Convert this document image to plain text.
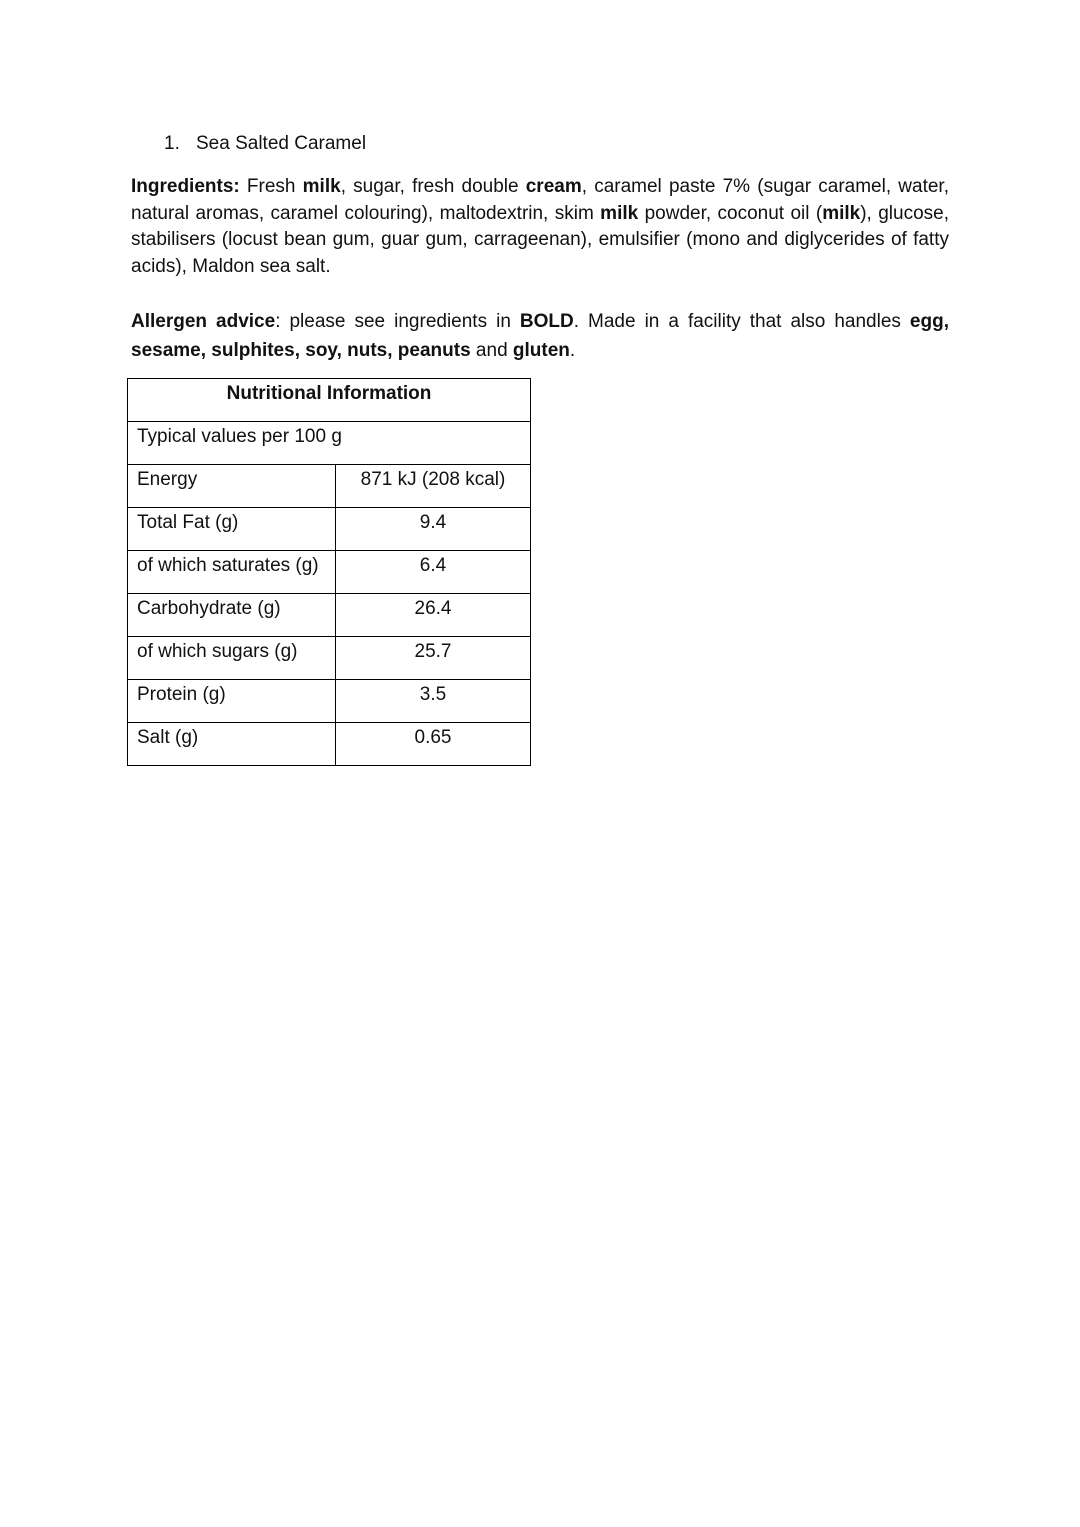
1. Sea Salted Caramel
Ingredients: Fresh milk, sugar, fresh double cream, caramel paste 7% (sugar caramel, water, natural aromas, caramel colouring), maltodextrin, skim milk powder, coconut oil (milk), glucose, stabilisers (locust bean gum, guar gum, carrageenan), emulsifier (mono and diglycerides of fatty acids), Maldon sea salt.
Allergen advice: please see ingredients in BOLD. Made in a facility that also handles egg, sesame, sulphites, soy, nuts, peanuts and gluten.
Nutritional Information	
Typical values per 100 g	
Energy	871 kJ (208 kcal)
Total Fat (g)	9.4
of which saturates (g)	6.4
Carbohydrate (g)	26.4
of which sugars (g)	25.7
Protein (g)	3.5
Salt (g)	0.65
